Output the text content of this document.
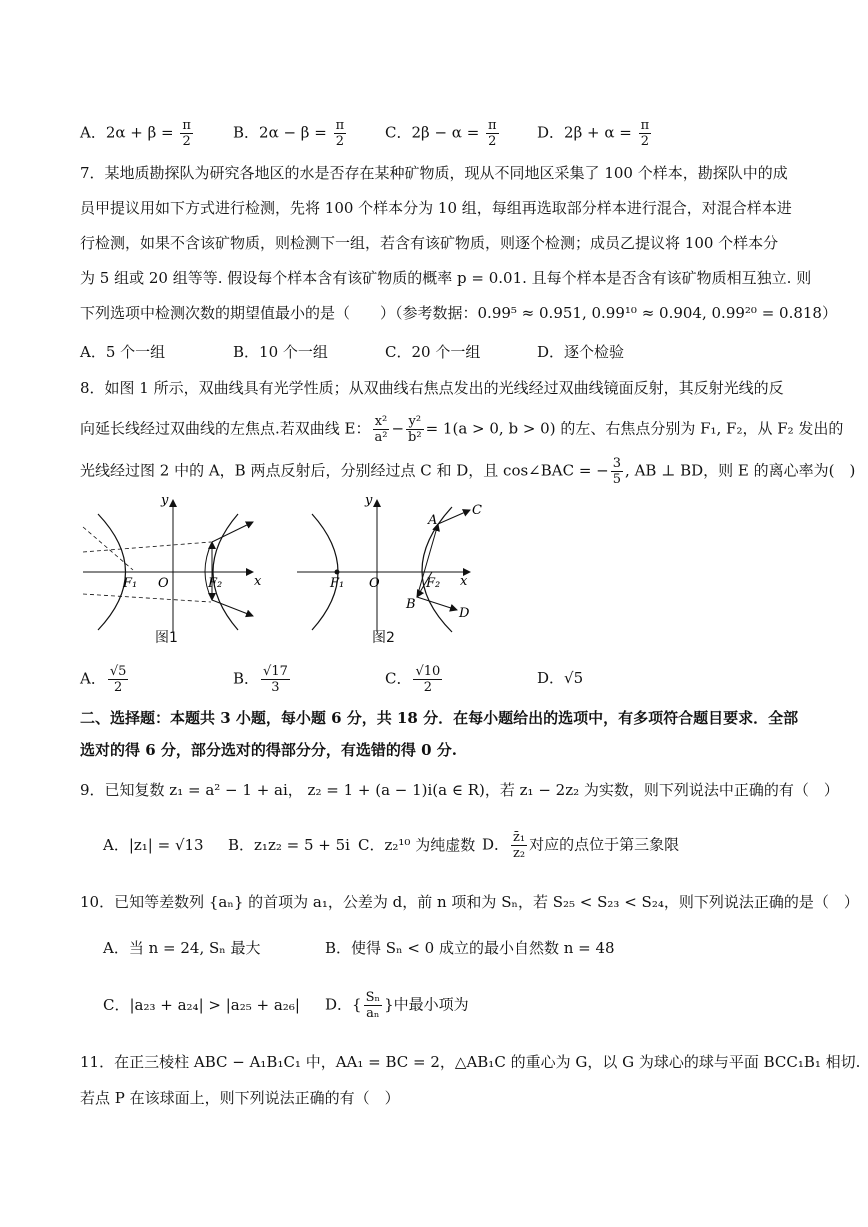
A．$2\alpha + \beta = \frac{\pi}{2}$	B．$2\alpha - \beta = \frac{\pi}{2}$	C．$2\beta - \alpha = \frac{\pi}{2}$	D．$2\beta + \alpha = \frac{\pi}{2}$
7．某地质勘探队为研究各地区的水是否存在某种矿物质，现从不同地区采集了 100 个样本，勘探队中的成
员甲提议用如下方式进行检测，先将 100 个样本分为 10 组，每组再选取部分样本进行混合，对混合样本进
行检测，如果不含该矿物质，则检测下一组，若含有该矿物质，则逐个检测；成员乙提议将 100 个样本分
为 5 组或 20 组等等. 假设每个样本含有该矿物质的概率 p = 0.01. 且每个样本是否含有该矿物质相互独立. 则
下列选项中检测次数的期望值最小的是（　　）（参考数据：0.99⁵ ≈ 0.951, 0.99¹⁰ ≈ 0.904, 0.99²⁰ = 0.818）
A．5 个一组	B．10 个一组	C．20 个一组	D．逐个检验
8．如图 1 所示，双曲线具有光学性质；从双曲线右焦点发出的光线经过双曲线镜面反射，其反射光线的反
向延长线经过双曲线的左焦点.若双曲线 E： $\frac{\text{x²}}{\text{a²}} - \frac{\text{y²}}{\text{b²}} = 1(a > 0$, b > 0) 的左、右焦点分别为 F₁, F₂，从 F₂ 发出的
光线经过图 2 中的 A，B 两点反射后，分别经过点 C 和 D，且 cos∠BAC = − $\frac{3}{5}$ , AB ⊥ BD，则 E 的离心率为(　)
y
x
O
F₁	F₂
图1
y
x
O
F₁	F₂
A
B
C
D
图2
A． $\frac{√5}{2}$	B． $\frac{√17}{3}$	C． $\frac{√10}{2}$	D．√5
二、选择题：本题共 3 小题，每小题 6 分，共 18 分．在每小题给出的选项中，有多项符合题目要求．全部
选对的得 6 分，部分选对的得部分分，有选错的得 0 分.
9．已知复数 z₁ = a² − 1 + ai， z₂ = 1 + (a − 1)i(a ∈ R)，若 z₁ − 2z₂ 为实数，则下列说法中正确的有（　）
A．|z₁| = √13 B．z₁z₂ = 5 + 5i C．z₂¹⁰ 为纯虚数 D． $\frac{\text{z̄₁}}{\text{z₂}}$ 对应的点位于第三象限
10．已知等差数列 {aₙ} 的首项为 a₁，公差为 d，前 n 项和为 Sₙ，若 S₂₅ < S₂₃ < S₂₄，则下列说法正确的是（　）
A．当 n = 24, Sₙ 最大	B．使得 Sₙ < 0 成立的最小自然数 n = 48
C．|a₂₃ + a₂₄| > |a₂₅ + a₂₆| D．{ $\frac{\text{Sₙ}}{\text{aₙ}}$ }中最小项为
11．在正三棱柱 ABC − A₁B₁C₁ 中，AA₁ = BC = 2，△AB₁C 的重心为 G，以 G 为球心的球与平面 BCC₁B₁ 相切.
若点 P 在该球面上，则下列说法正确的有（　）
